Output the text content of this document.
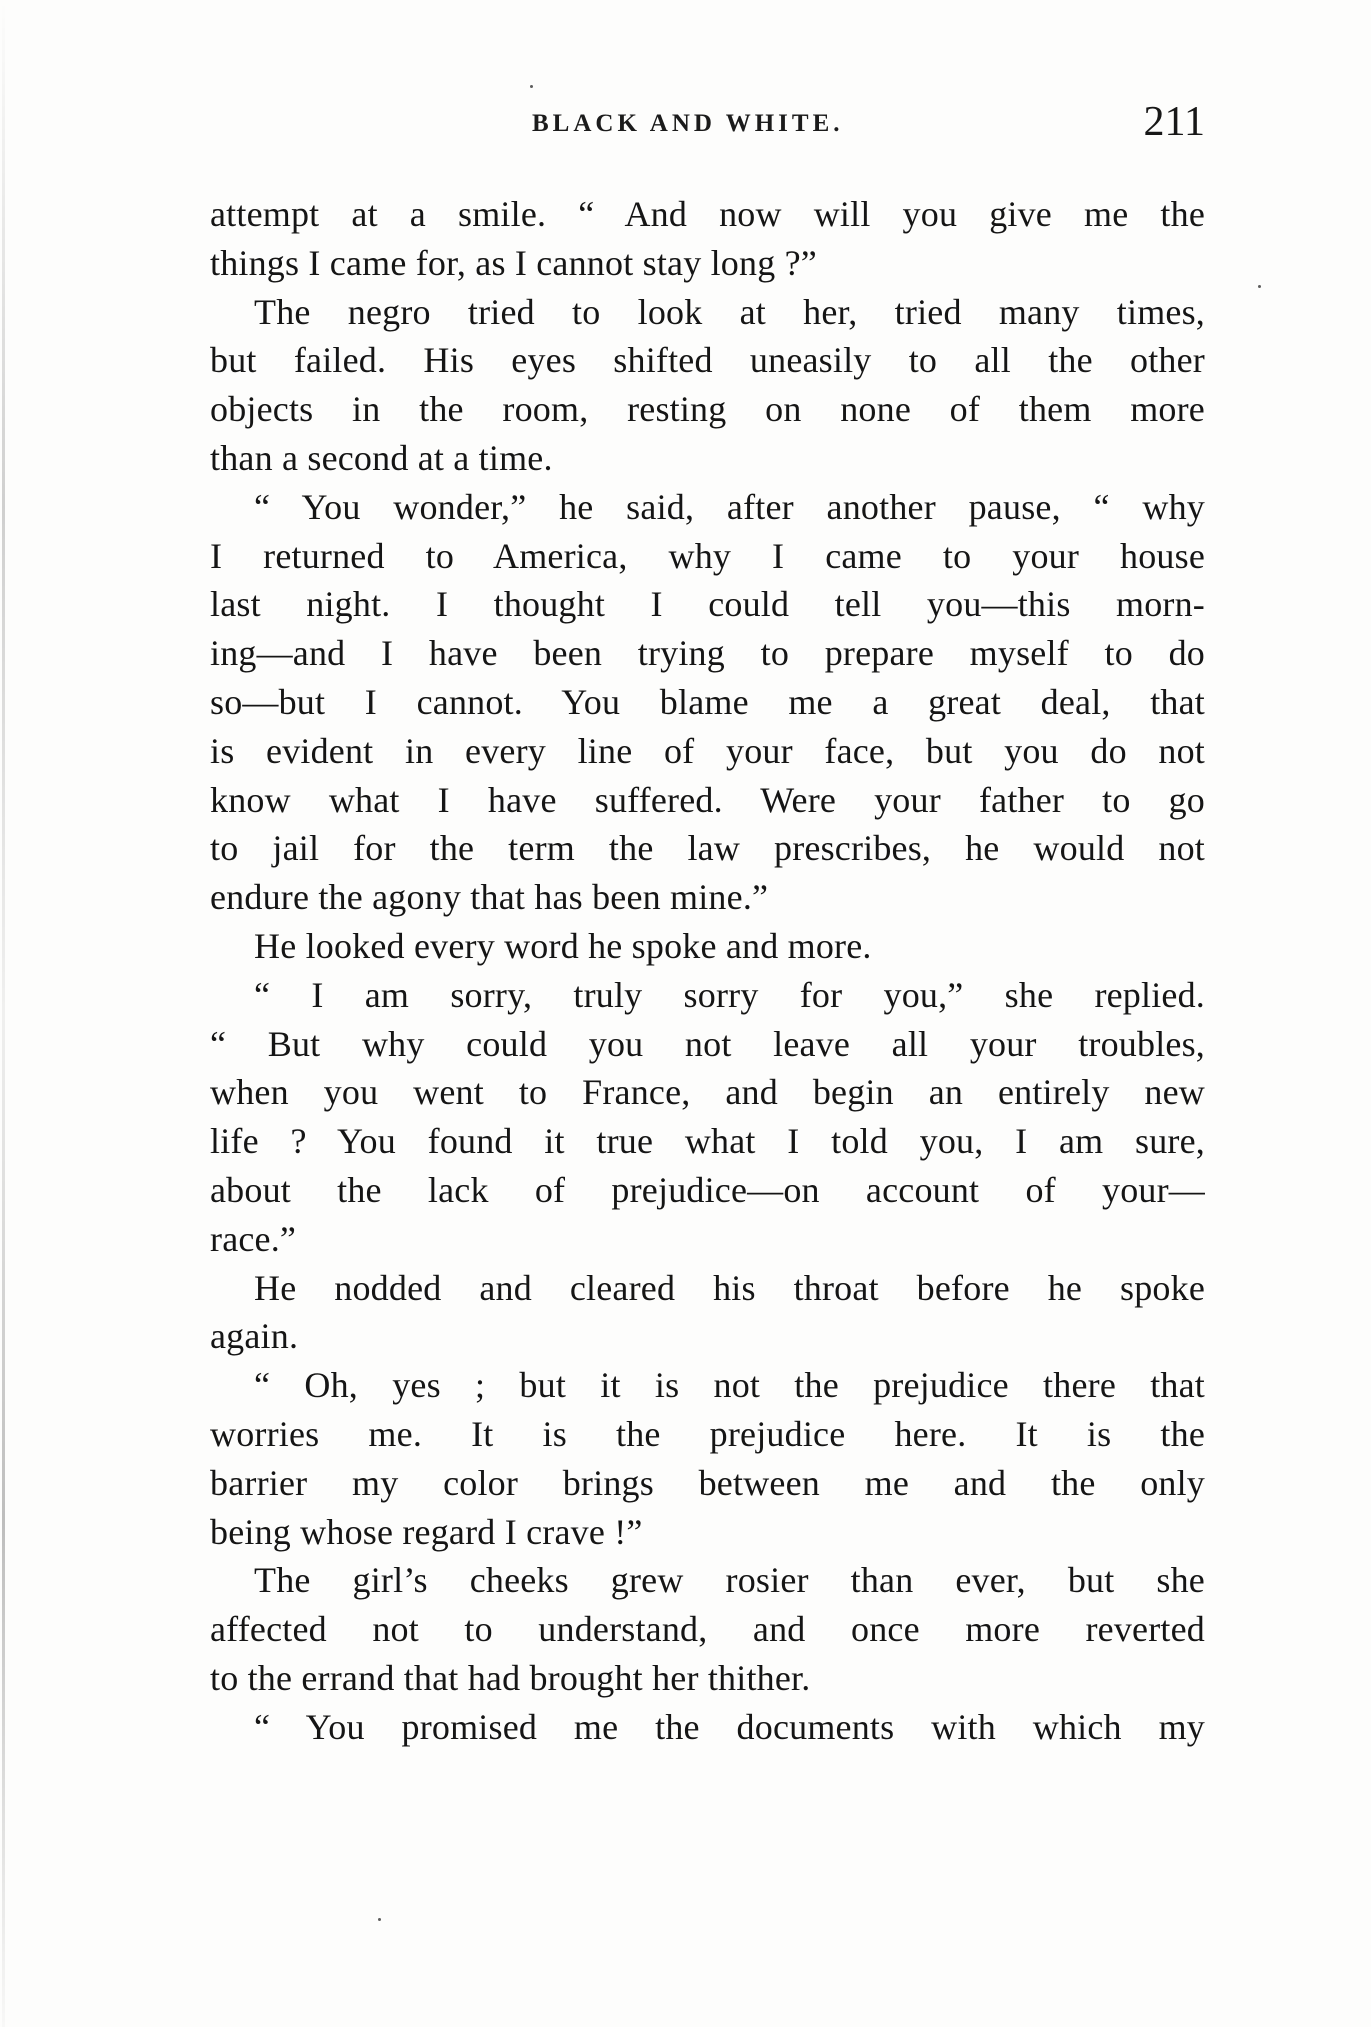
BLACK AND WHITE.	211
attempt at a smile. “ And now will you give me the
things I came for, as I cannot stay long ?”
The negro tried to look at her, tried many times,
but failed. His eyes shifted uneasily to all the other
objects in the room, resting on none of them more
than a second at a time.
“ You wonder,” he said, after another pause, “ why
I returned to America, why I came to your house
last night. I thought I could tell you—this morn-
ing—and I have been trying to prepare myself to do
so—but I cannot. You blame me a great deal, that
is evident in every line of your face, but you do not
know what I have suffered. Were your father to go
to jail for the term the law prescribes, he would not
endure the agony that has been mine.”
He looked every word he spoke and more.
“ I am sorry, truly sorry for you,” she replied.
“ But why could you not leave all your troubles,
when you went to France, and begin an entirely new
life ? You found it true what I told you, I am sure,
about the lack of prejudice—on account of your—
race.”
He nodded and cleared his throat before he spoke
again.
“ Oh, yes ; but it is not the prejudice there that
worries me. It is the prejudice here. It is the
barrier my color brings between me and the only
being whose regard I crave !”
The girl’s cheeks grew rosier than ever, but she
affected not to understand, and once more reverted
to the errand that had brought her thither.
“ You promised me the documents with which my
